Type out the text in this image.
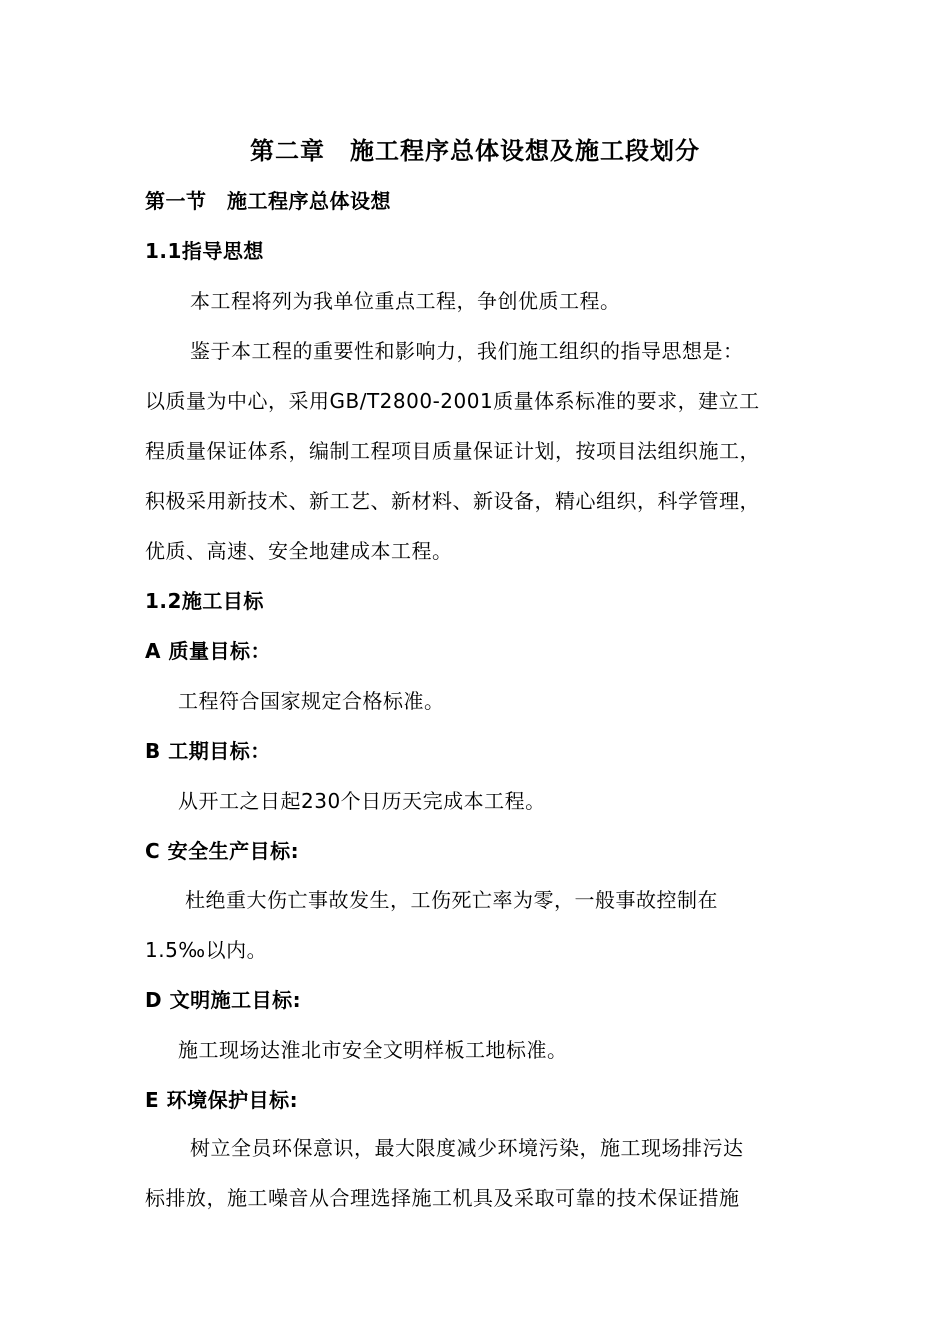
第二章　施工程序总体设想及施工段划分
第一节　施工程序总体设想
1.1指导思想
本工程将列为我单位重点工程，争创优质工程。
鉴于本工程的重要性和影响力，我们施工组织的指导思想是：
以质量为中心，采用GB/T2800-2001质量体系标准的要求，建立工
程质量保证体系，编制工程项目质量保证计划，按项目法组织施工，
积极采用新技术、新工艺、新材料、新设备，精心组织，科学管理，
优质、高速、安全地建成本工程。
1.2施工目标
A 质量目标：
工程符合国家规定合格标准。
B 工期目标：
从开工之日起230个日历天完成本工程。
C 安全生产目标:
杜绝重大伤亡事故发生，工伤死亡率为零，一般事故控制在
1.5‰以内。
D 文明施工目标:
施工现场达淮北市安全文明样板工地标准。
E 环境保护目标:
树立全员环保意识，最大限度减少环境污染，施工现场排污达
标排放，施工噪音从合理选择施工机具及采取可靠的技术保证措施
